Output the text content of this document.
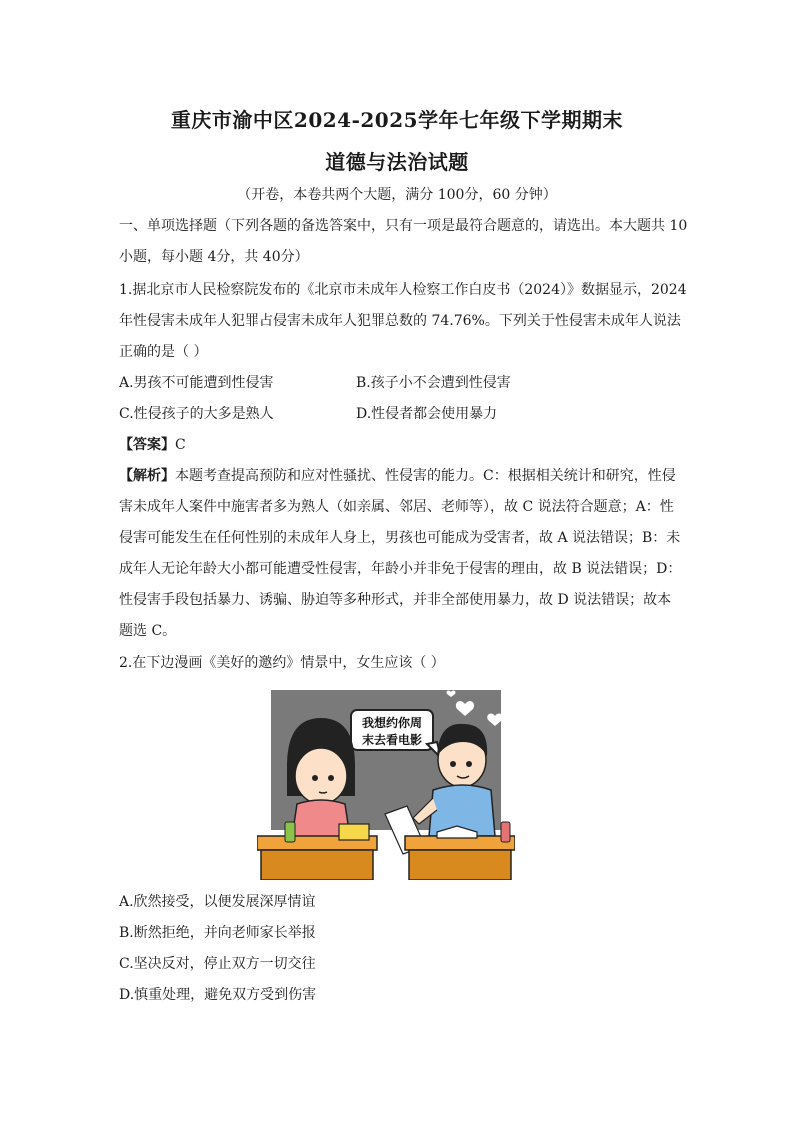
重庆市渝中区2024-2025学年七年级下学期期末
道德与法治试题
（开卷，本卷共两个大题，满分 100分，60 分钟）
一、单项选择题（下列各题的备选答案中，只有一项是最符合题意的，请选出。本大题共 10
小题，每小题 4分，共 40分）
1.据北京市人民检察院发布的《北京市未成年人检察工作白皮书（2024）》数据显示，2024
年性侵害未成年人犯罪占侵害未成年人犯罪总数的 74.76%。下列关于性侵害未成年人说法
正确的是（ ）
A.男孩不可能遭到性侵害	B.孩子小不会遭到性侵害
C.性侵孩子的大多是熟人	D.性侵者都会使用暴力
【答案】C
【解析】本题考查提高预防和应对性骚扰、性侵害的能力。C：根据相关统计和研究，性侵
害未成年人案件中施害者多为熟人（如亲属、邻居、老师等），故 C 说法符合题意；A：性
侵害可能发生在任何性别的未成年人身上，男孩也可能成为受害者，故 A 说法错误；B：未
成年人无论年龄大小都可能遭受性侵害，年龄小并非免于侵害的理由，故 B 说法错误；D：
性侵害手段包括暴力、诱骗、胁迫等多种形式，并非全部使用暴力，故 D 说法错误；故本
题选 C。
2.在下边漫画《美好的邀约》情景中，女生应该（ ）
我想约你周
末去看电影
A.欣然接受，以便发展深厚情谊
B.断然拒绝，并向老师家长举报
C.坚决反对，停止双方一切交往
D.慎重处理，避免双方受到伤害
